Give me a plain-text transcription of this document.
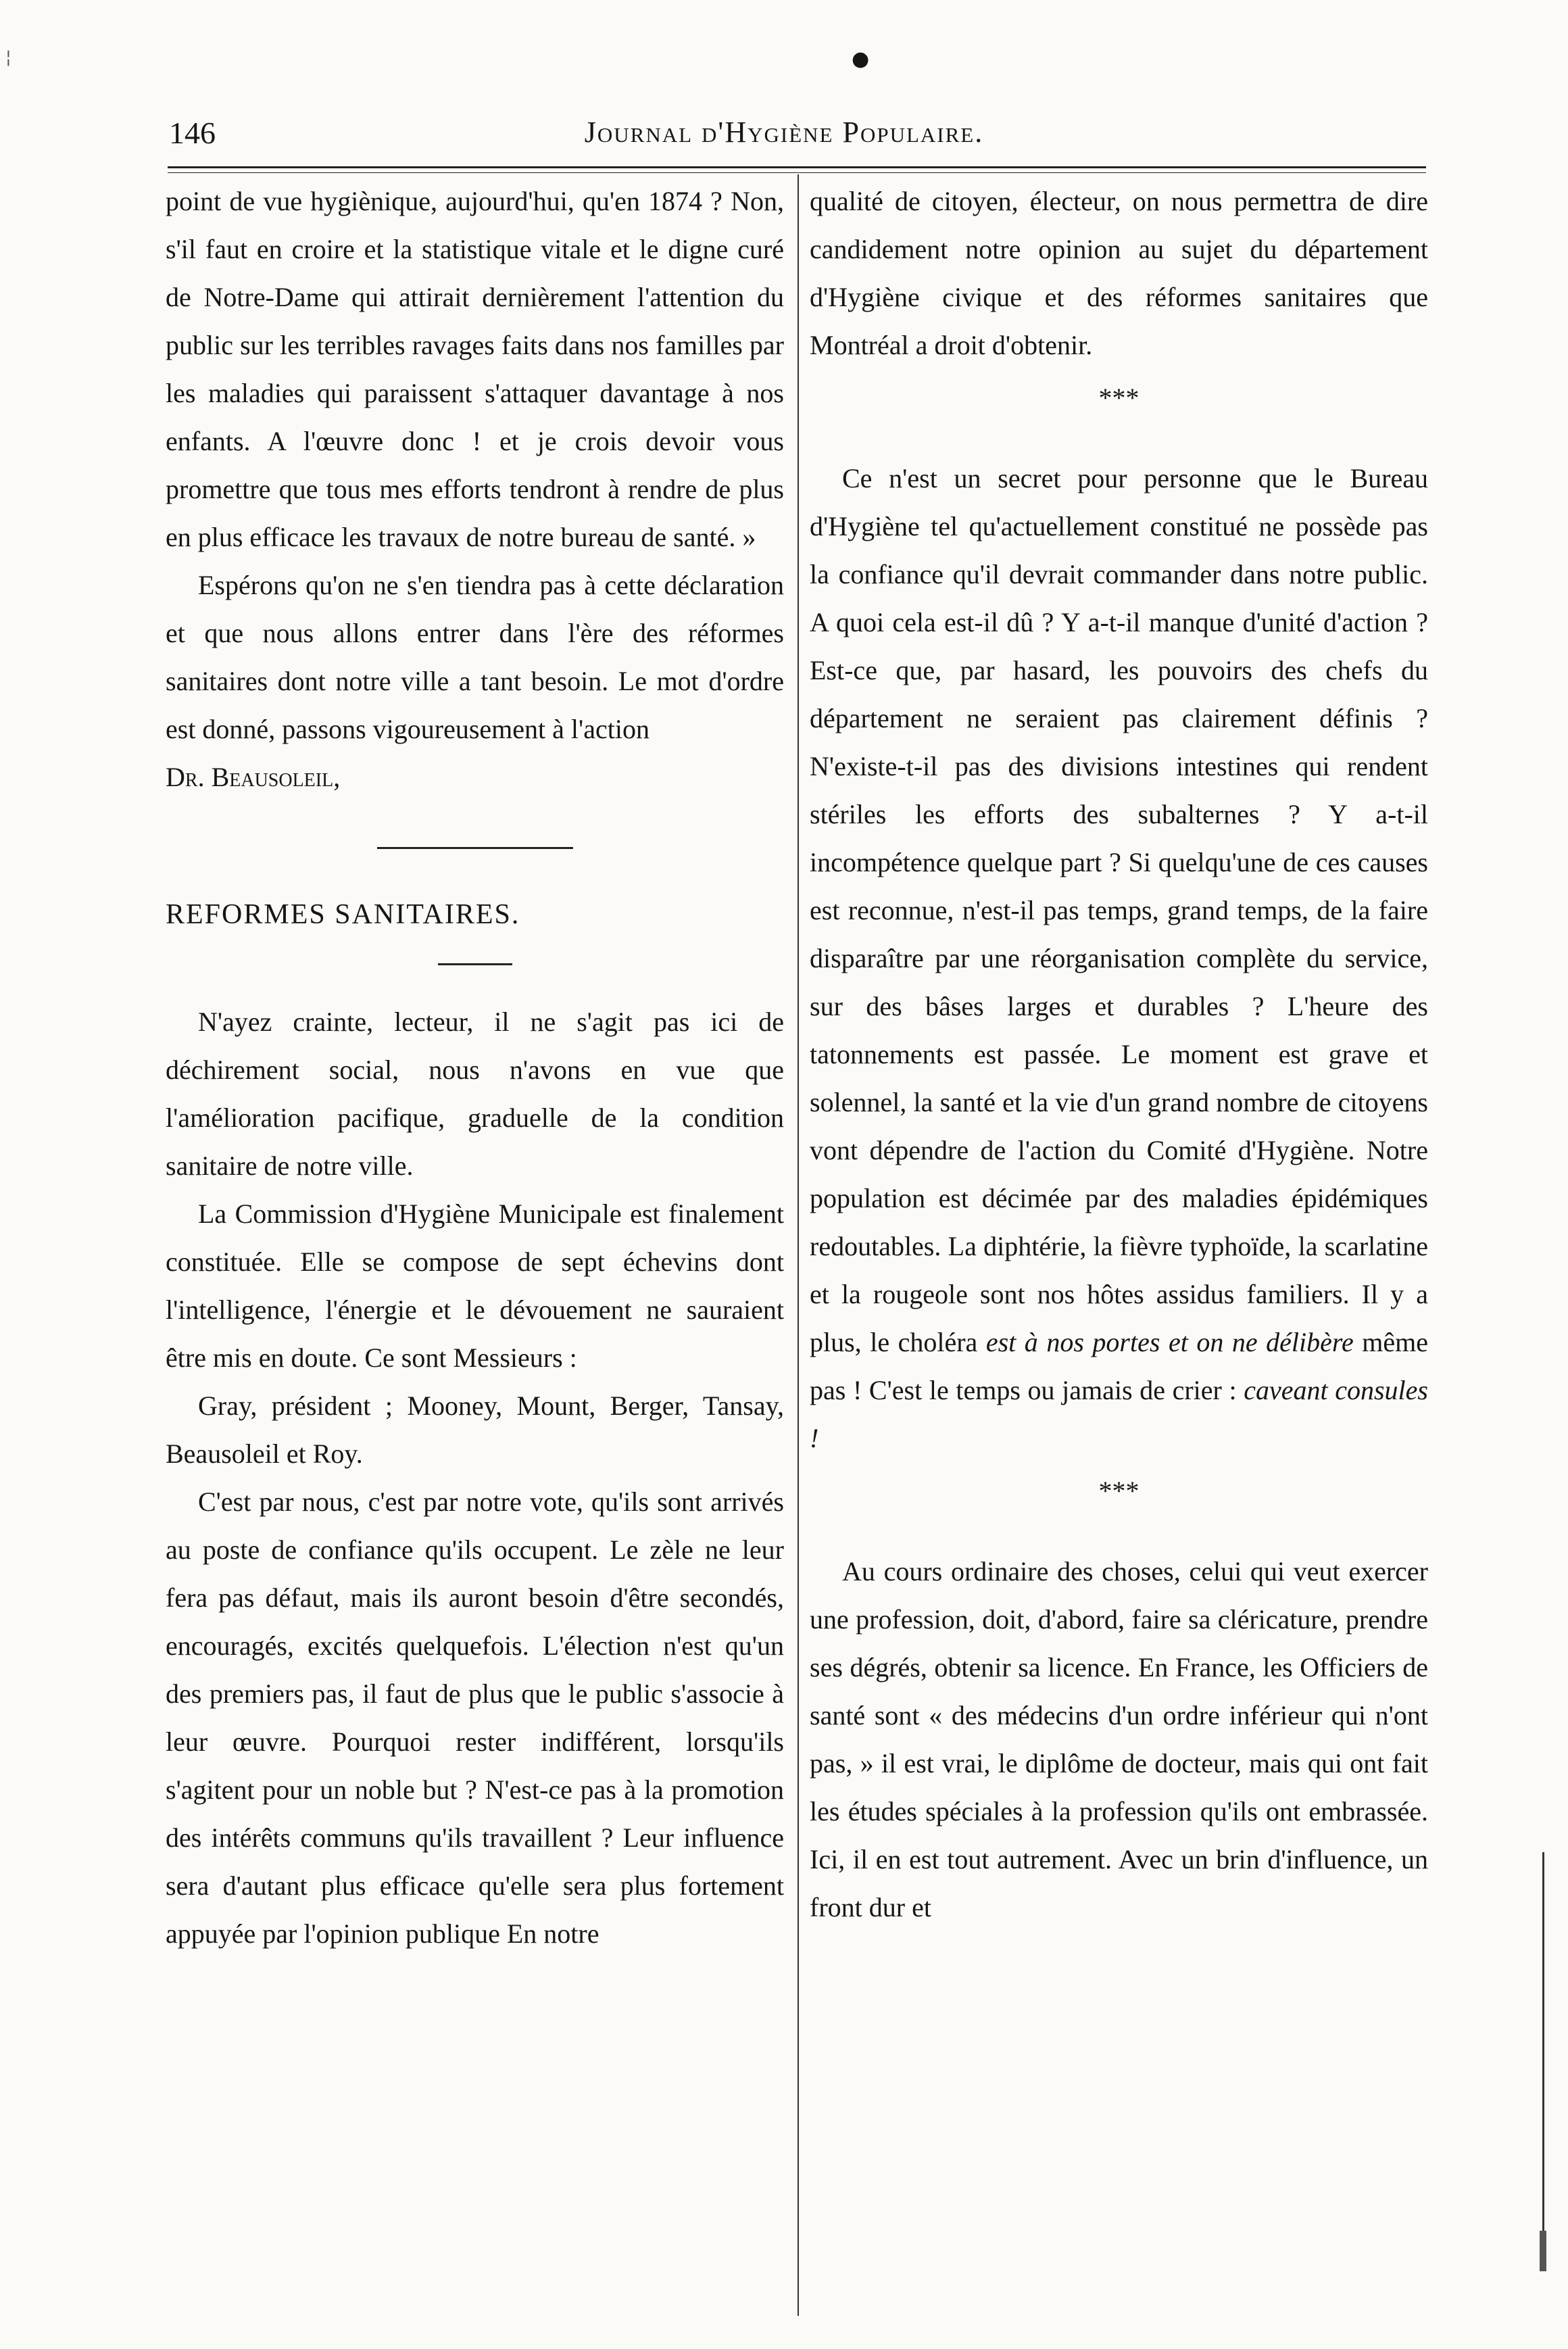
¦	●
146	Journal d'Hygiène Populaire.

point de vue hygiènique, aujourd'hui, qu'en 1874 ? Non, s'il faut en croire et la statistique vitale et le digne curé de Notre-Dame qui attirait dernièrement l'attention du public sur les terribles ravages faits dans nos familles par les maladies qui paraissent s'attaquer davantage à nos enfants. A l'œuvre donc ! et je crois devoir vous promettre que tous mes efforts tendront à rendre de plus en plus efficace les travaux de notre bureau de santé. »

Espérons qu'on ne s'en tiendra pas à cette déclaration et que nous allons entrer dans l'ère des réformes sanitaires dont notre ville a tant besoin. Le mot d'ordre est donné, passons vigoureusement à l'action

Dr. Beausoleil,

REFORMES SANITAIRES.

N'ayez crainte, lecteur, il ne s'agit pas ici de déchirement social, nous n'avons en vue que l'amélioration pacifique, graduelle de la condition sanitaire de notre ville.

La Commission d'Hygiène Municipale est finalement constituée. Elle se compose de sept échevins dont l'intelligence, l'énergie et le dévouement ne sauraient être mis en doute. Ce sont Messieurs :

Gray, président ; Mooney, Mount, Berger, Tansay, Beausoleil et Roy.

C'est par nous, c'est par notre vote, qu'ils sont arrivés au poste de confiance qu'ils occupent. Le zèle ne leur fera pas défaut, mais ils auront besoin d'être secondés, encouragés, excités quelquefois. L'élection n'est qu'un des premiers pas, il faut de plus que le public s'associe à leur œuvre. Pourquoi rester indifférent, lorsqu'ils s'agitent pour un noble but ? N'est-ce pas à la promotion des intérêts communs qu'ils travaillent ? Leur influence sera d'autant plus efficace qu'elle sera plus fortement appuyée par l'opinion publique En notre

qualité de citoyen, électeur, on nous permettra de dire candidement notre opinion au sujet du département d'Hygiène civique et des réformes sanitaires que Montréal a droit d'obtenir.

***

Ce n'est un secret pour personne que le Bureau d'Hygiène tel qu'actuellement constitué ne possède pas la confiance qu'il devrait commander dans notre public. A quoi cela est-il dû ? Y a-t-il manque d'unité d'action ? Est-ce que, par hasard, les pouvoirs des chefs du département ne seraient pas clairement définis ? N'existe-t-il pas des divisions intestines qui rendent stériles les efforts des subalternes ? Y a-t-il incompétence quelque part ? Si quelqu'une de ces causes est reconnue, n'est-il pas temps, grand temps, de la faire disparaître par une réorganisation complète du service, sur des bâses larges et durables ? L'heure des tatonnements est passée. Le moment est grave et solennel, la santé et la vie d'un grand nombre de citoyens vont dépendre de l'action du Comité d'Hygiène. Notre population est décimée par des maladies épidémiques redoutables. La diphtérie, la fièvre typhoïde, la scarlatine et la rougeole sont nos hôtes assidus familiers. Il y a plus, le choléra est à nos portes et on ne délibère même pas ! C'est le temps ou jamais de crier : caveant consules !

***

Au cours ordinaire des choses, celui qui veut exercer une profession, doit, d'abord, faire sa cléricature, prendre ses dégrés, obtenir sa licence. En France, les Officiers de santé sont « des médecins d'un ordre inférieur qui n'ont pas, » il est vrai, le diplôme de docteur, mais qui ont fait les études spéciales à la profession qu'ils ont embrassée. Ici, il en est tout autrement. Avec un brin d'influence, un front dur et
